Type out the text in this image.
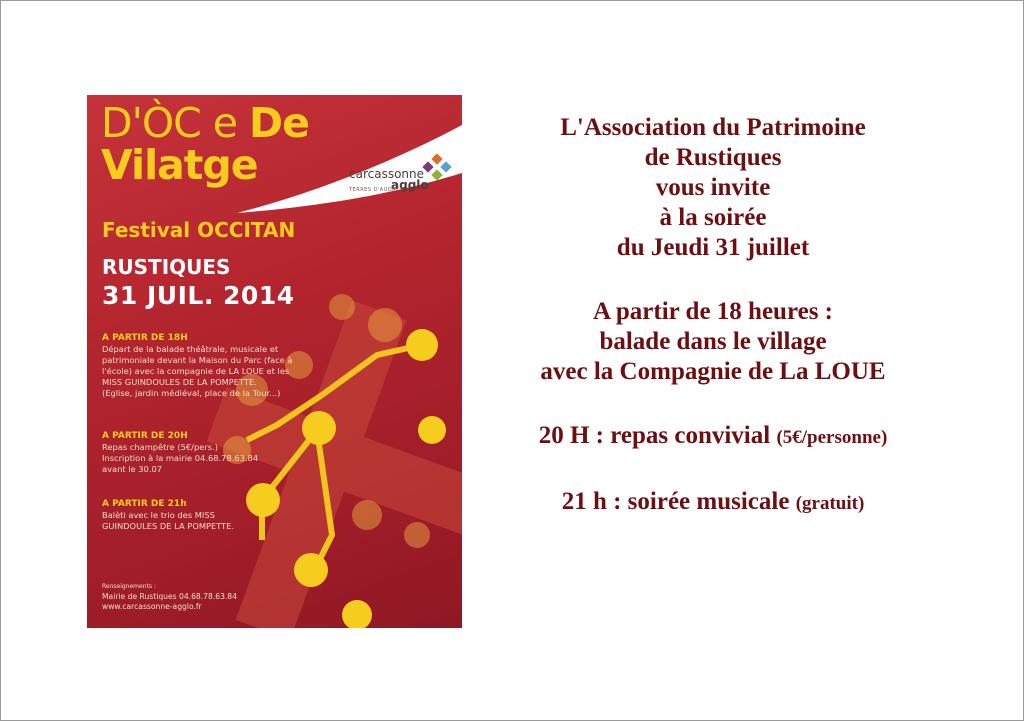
D'ÒC e De
Vilatge	carcassonne
agglo
TERRES D'AUDACE
Festival OCCITAN
RUSTIQUES
31 JUIL. 2014
A PARTIR DE 18H
Départ de la balade théâtrale, musicale et
patrimoniale devant la Maison du Parc (face à
l'école) avec la compagnie de LA LOUE et les
MISS GUINDOULES DE LA POMPETTE.
(Eglise, jardin médiéval, place de la Tour...)
A PARTIR DE 20H
Repas champêtre (5€/pers.)
Inscription à la mairie 04.68.78.63.84
avant le 30.07
A PARTIR DE 21h
Balèti avec le trio des MISS
GUINDOULES DE LA POMPETTE.
Renseignements :
Mairie de Rustiques 04.68.78.63.84
www.carcassonne-agglo.fr
L'Association du Patrimoine
de Rustiques
vous invite
à la soirée
du Jeudi 31 juillet
A partir de 18 heures :
balade dans le village
avec la Compagnie de La LOUE
20 H : repas convivial (5€/personne)
21 h : soirée musicale (gratuit)
